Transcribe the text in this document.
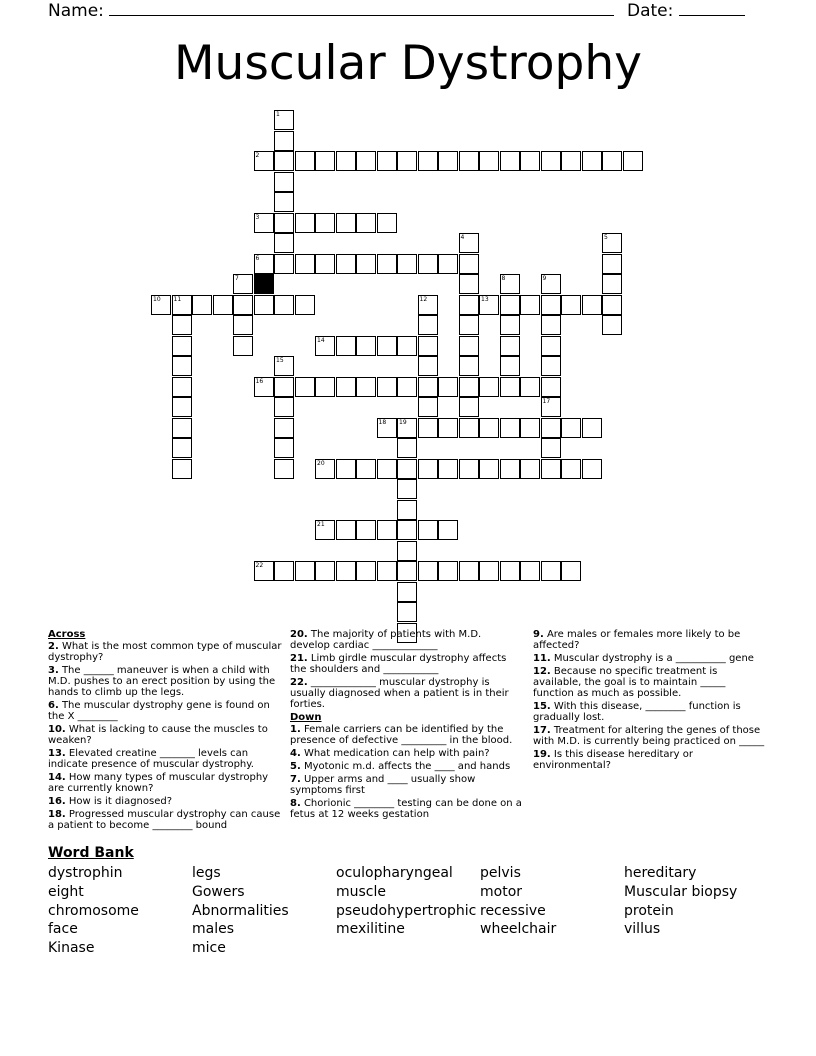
Name:	Date:
Muscular Dystrophy
1
2
3
4	5
6
7	8	9
10 11	12	13
14
15
16
17
18 19
20
21
22
Across
2. What is the most common type of muscular dystrophy?
3. The ______ maneuver is when a child with M.D. pushes to an erect position by using the hands to climb up the legs.
6. The muscular dystrophy gene is found on the X ________
10. What is lacking to cause the muscles to weaken?
13. Elevated creatine _______ levels can indicate presence of muscular dystrophy.
14. How many types of muscular dystrophy are currently known?
16. How is it diagnosed?
18. Progressed muscular dystrophy can cause a patient to become ________ bound
20. The majority of patients with M.D. develop cardiac _____________
21. Limb girdle muscular dystrophy affects the shoulders and ___________
22. _____________ muscular dystrophy is usually diagnosed when a patient is in their forties.
Down
1. Female carriers can be identified by the presence of defective _________ in the blood.
4. What medication can help with pain?
5. Myotonic m.d. affects the ____ and hands
7. Upper arms and ____ usually show symptoms first
8. Chorionic ________ testing can be done on a fetus at 12 weeks gestation
9. Are males or females more likely to be affected?
11. Muscular dystrophy is a __________ gene
12. Because no specific treatment is available, the goal is to maintain _____ function as much as possible.
15. With this disease, ________ function is gradually lost.
17. Treatment for altering the genes of those with M.D. is currently being practiced on _____
19. Is this disease hereditary or environmental?
Word Bank
dystrophin
eight
chromosome
face
Kinase
legs
Gowers
Abnormalities
males
mice
oculopharyngeal
muscle
pseudohypertrophic
mexilitine
pelvis
motor
recessive
wheelchair
hereditary
Muscular biopsy
protein
villus
